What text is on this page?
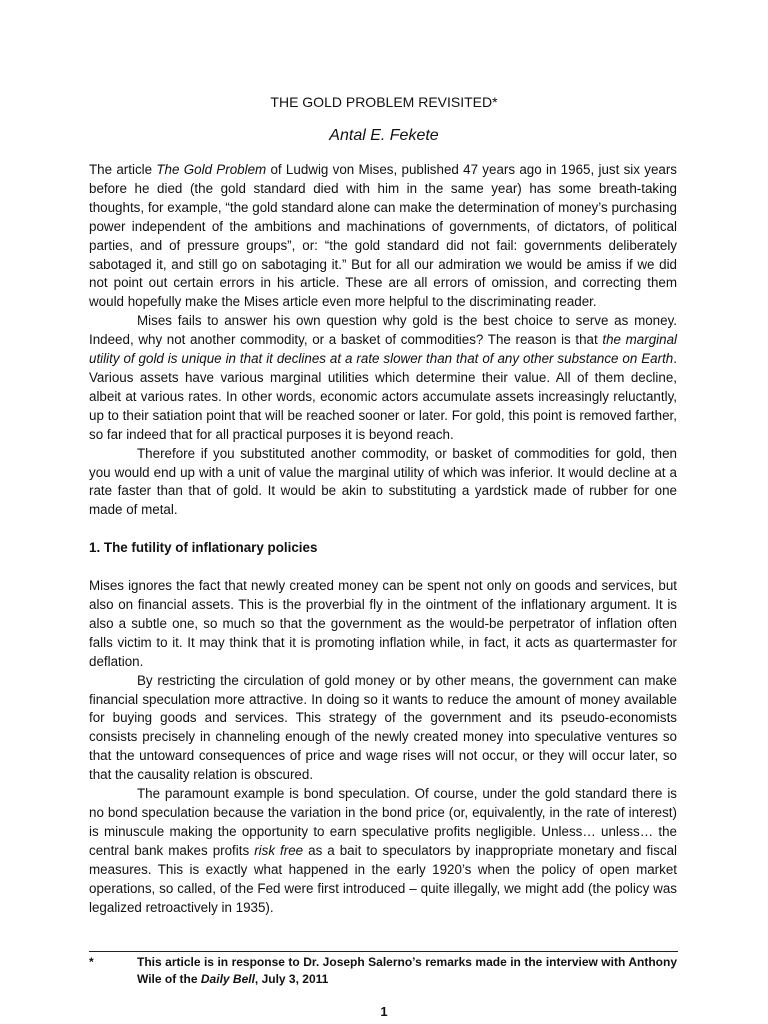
THE GOLD PROBLEM REVISITED*
Antal E. Fekete

The article The Gold Problem of Ludwig von Mises, published 47 years ago in 1965, just six years before he died (the gold standard died with him in the same year) has some breath-taking thoughts, for example, “the gold standard alone can make the determination of money’s purchasing power independent of the ambitions and machinations of governments, of dictators, of political parties, and of pressure groups”, or: “the gold standard did not fail: governments deliberately sabotaged it, and still go on sabotaging it.” But for all our admiration we would be amiss if we did not point out certain errors in his article. These are all errors of omission, and correcting them would hopefully make the Mises article even more helpful to the discriminating reader.

Mises fails to answer his own question why gold is the best choice to serve as money. Indeed, why not another commodity, or a basket of commodities? The reason is that the marginal utility of gold is unique in that it declines at a rate slower than that of any other substance on Earth. Various assets have various marginal utilities which determine their value. All of them decline, albeit at various rates. In other words, economic actors accumulate assets increasingly reluctantly, up to their satiation point that will be reached sooner or later. For gold, this point is removed farther, so far indeed that for all practical purposes it is beyond reach.

Therefore if you substituted another commodity, or basket of commodities for gold, then you would end up with a unit of value the marginal utility of which was inferior. It would decline at a rate faster than that of gold. It would be akin to substituting a yardstick made of rubber for one made of metal.

1. The futility of inflationary policies

Mises ignores the fact that newly created money can be spent not only on goods and services, but also on financial assets. This is the proverbial fly in the ointment of the inflationary argument. It is also a subtle one, so much so that the government as the would-be perpetrator of inflation often falls victim to it. It may think that it is promoting inflation while, in fact, it acts as quartermaster for deflation.

By restricting the circulation of gold money or by other means, the government can make financial speculation more attractive. In doing so it wants to reduce the amount of money available for buying goods and services. This strategy of the government and its pseudo-economists consists precisely in channeling enough of the newly created money into speculative ventures so that the untoward consequences of price and wage rises will not occur, or they will occur later, so that the causality relation is obscured.

The paramount example is bond speculation. Of course, under the gold standard there is no bond speculation because the variation in the bond price (or, equivalently, in the rate of interest) is minuscule making the opportunity to earn speculative profits negligible. Unless… unless… the central bank makes profits risk free as a bait to speculators by inappropriate monetary and fiscal measures. This is exactly what happened in the early 1920’s when the policy of open market operations, so called, of the Fed were first introduced – quite illegally, we might add (the policy was legalized retroactively in 1935).

*	This article is in response to Dr. Joseph Salerno’s remarks made in the interview with Anthony Wile of the Daily Bell, July 3, 2011
1
